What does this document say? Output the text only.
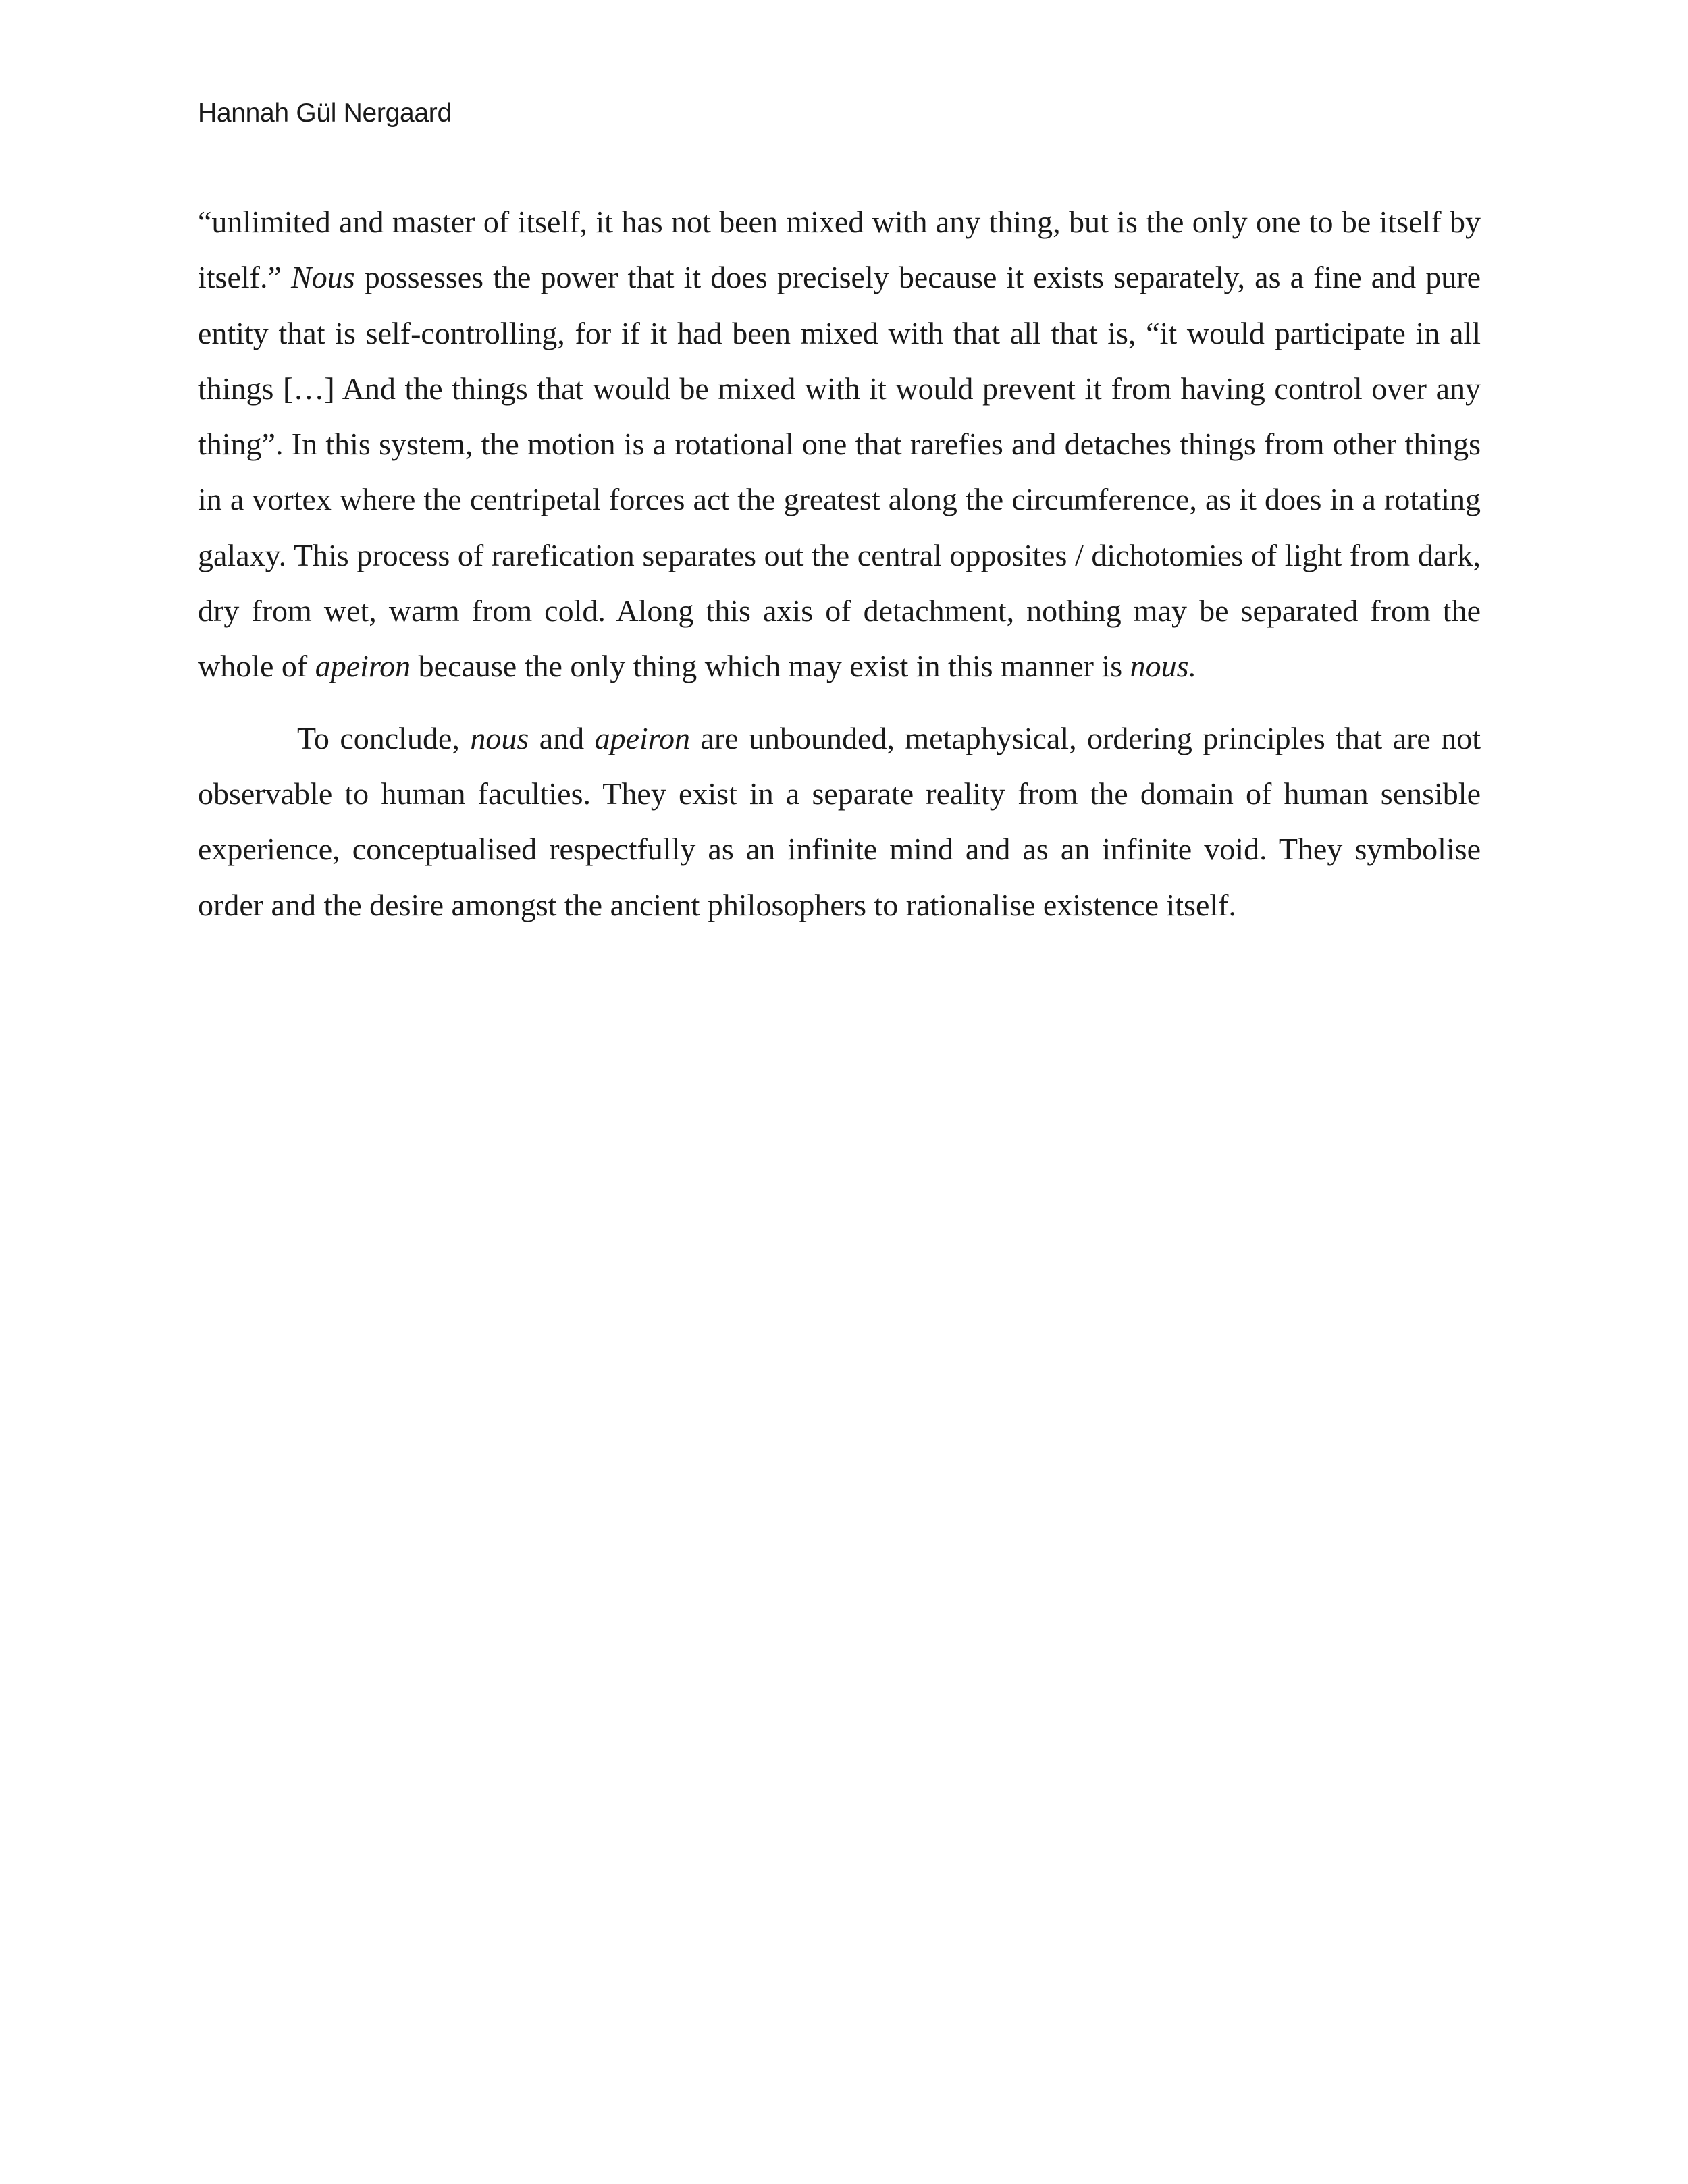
Hannah Gül Nergaard

“unlimited and master of itself, it has not been mixed with any thing, but is the only one to be itself by itself.” Nous possesses the power that it does precisely because it exists separately, as a fine and pure entity that is self-controlling, for if it had been mixed with that all that is, “it would participate in all things […] And the things that would be mixed with it would prevent it from having control over any thing”. In this system, the motion is a rotational one that rarefies and detaches things from other things in a vortex where the centripetal forces act the greatest along the circumference, as it does in a rotating galaxy. This process of rarefication separates out the central opposites / dichotomies of light from dark, dry from wet, warm from cold. Along this axis of detachment, nothing may be separated from the whole of apeiron because the only thing which may exist in this manner is nous.

To conclude, nous and apeiron are unbounded, metaphysical, ordering principles that are not observable to human faculties. They exist in a separate reality from the domain of human sensible experience, conceptualised respectfully as an infinite mind and as an infinite void. They symbolise order and the desire amongst the ancient philosophers to rationalise existence itself.
